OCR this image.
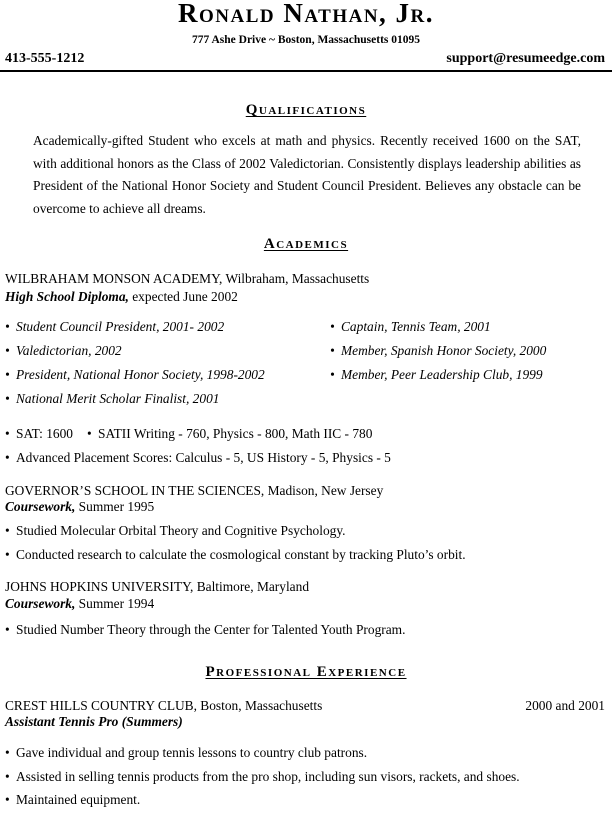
Ronald Nathan, Jr.
777 Ashe Drive ~ Boston, Massachusetts 01095
413-555-1212	support@resumeedge.com
Qualifications
Academically-gifted Student who excels at math and physics. Recently received 1600 on the SAT, with additional honors as the Class of 2002 Valedictorian. Consistently displays leadership abilities as President of the National Honor Society and Student Council President. Believes any obstacle can be overcome to achieve all dreams.
Academics
WILBRAHAM MONSON ACADEMY, Wilbraham, Massachusetts
High School Diploma, expected June 2002
• Student Council President, 2001- 2002
• Valedictorian, 2002
• President, National Honor Society, 1998-2002
• National Merit Scholar Finalist, 2001
• Captain, Tennis Team, 2001
• Member, Spanish Honor Society, 2000
• Member, Peer Leadership Club, 1999
• SAT: 1600• SATII Writing - 760, Physics - 800, Math IIC - 780
• Advanced Placement Scores: Calculus - 5, US History - 5, Physics - 5
GOVERNOR’S SCHOOL IN THE SCIENCES, Madison, New Jersey
Coursework, Summer 1995
• Studied Molecular Orbital Theory and Cognitive Psychology.
• Conducted research to calculate the cosmological constant by tracking Pluto’s orbit.
JOHNS HOPKINS UNIVERSITY, Baltimore, Maryland
Coursework, Summer 1994
• Studied Number Theory through the Center for Talented Youth Program.
Professional Experience
CREST HILLS COUNTRY CLUB, Boston, Massachusetts	2000 and 2001
Assistant Tennis Pro (Summers)
• Gave individual and group tennis lessons to country club patrons.
• Assisted in selling tennis products from the pro shop, including sun visors, rackets, and shoes.
• Maintained equipment.
